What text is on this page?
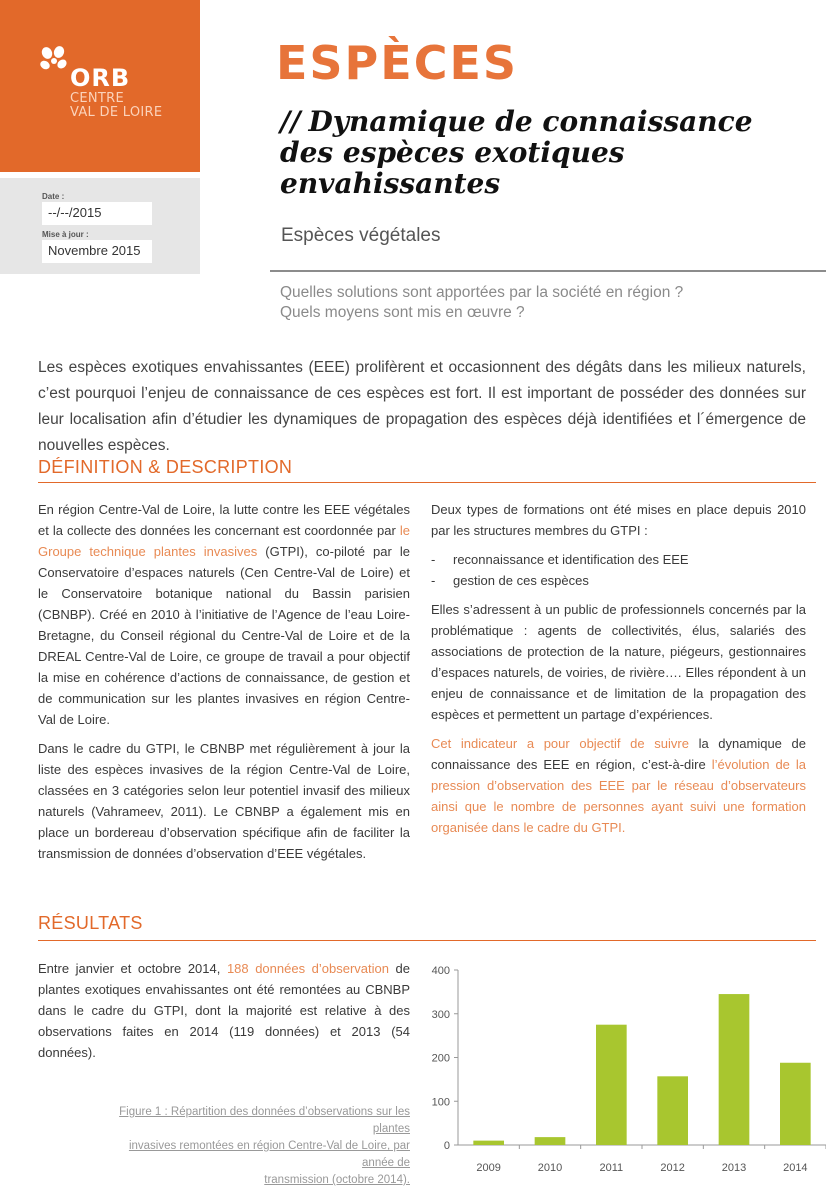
ORB
CENTRE
VAL DE LOIRE
Date :
--/--/2015
Mise à jour :
Novembre 2015
ESPÈCES
// Dynamique de connaissance
des espèces exotiques
envahissantes
Espèces végétales
Quelles solutions sont apportées par la société en région ?
Quels moyens sont mis en œuvre ?
Les espèces exotiques envahissantes (EEE) prolifèrent et occasionnent des dégâts dans les milieux naturels, c’est pourquoi l’enjeu de connaissance de ces espèces est fort. Il est important de posséder des données sur leur localisation afin d’étudier les dynamiques de propagation des espèces déjà identifiées et l´émergence de nouvelles espèces.
DÉFINITION & DESCRIPTION

En région Centre-Val de Loire, la lutte contre les EEE végétales et la collecte des données les concernant est coordonnée par le Groupe technique plantes invasives (GTPI), co-piloté par le Conservatoire d’espaces naturels (Cen Centre-Val de Loire) et le Conservatoire botanique national du Bassin parisien (CBNBP). Créé en 2010 à l’initiative de l’Agence de l’eau Loire-Bretagne, du Conseil régional du Centre-Val de Loire et de la DREAL Centre-Val de Loire, ce groupe de travail a pour objectif la mise en cohérence d’actions de connaissance, de gestion et de communication sur les plantes invasives en région Centre-Val de Loire.

Dans le cadre du GTPI, le CBNBP met régulièrement à jour la liste des espèces invasives de la région Centre-Val de Loire, classées en 3 catégories selon leur potentiel invasif des milieux naturels (Vahrameev, 2011). Le CBNBP a également mis en place un bordereau d’observation spécifique afin de faciliter la transmission de données d’observation d’EEE végétales.

Deux types de formations ont été mises en place depuis 2010 par les structures membres du GTPI :

- reconnaissance et identification des EEE
- gestion de ces espèces

Elles s’adressent à un public de professionnels concernés par la problématique : agents de collectivités, élus, salariés des associations de protection de la nature, piégeurs, gestionnaires d’espaces naturels, de voiries, de rivière…. Elles répondent à un enjeu de connaissance et de limitation de la propagation des espèces et permettent un partage d’expériences.

Cet indicateur a pour objectif de suivre la dynamique de connaissance des EEE en région, c’est-à-dire l’évolution de la pression d’observation des EEE par le réseau d’observateurs ainsi que le nombre de personnes ayant suivi une formation organisée dans le cadre du GTPI.

RÉSULTATS

Entre janvier et octobre 2014, 188 données d’observation de plantes exotiques envahissantes ont été remontées au CBNBP dans le cadre du GTPI, dont la majorité est relative à des observations faites en 2014 (119 données) et 2013 (54 données).

Figure 1 : Répartition des données d’observations sur les plantes
invasives remontées en région Centre-Val de Loire, par année de
transmission (octobre 2014).
0
100
200
300
400
2009	2010	2011	2012	2013	2014
